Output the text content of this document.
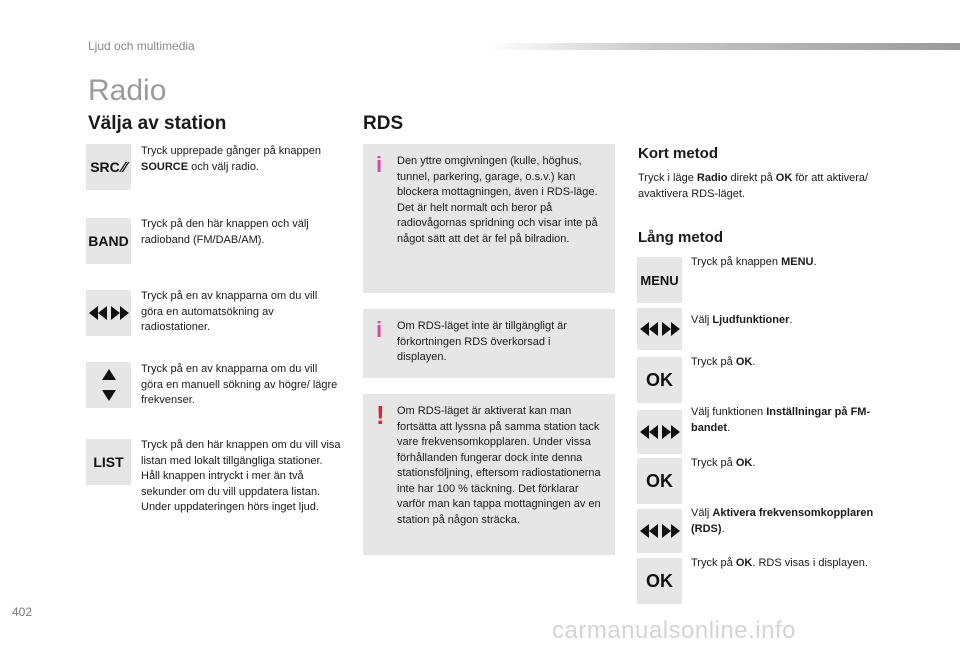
Ljud och multimedia
Radio
Välja av station
SRC ⁄⁄
Tryck upprepade gånger på knappen SOURCE och välj radio.
BAND
Tryck på den här knappen och välj radioband (FM/DAB/AM).
Tryck på en av knapparna om du vill göra en automatsökning av radiostationer.
Tryck på en av knapparna om du vill göra en manuell sökning av högre/ lägre frekvenser.
LIST
Tryck på den här knappen om du vill visa listan med lokalt tillgängliga stationer.
Håll knappen intryckt i mer än två sekunder om du vill uppdatera listan. Under uppdateringen hörs inget ljud.
RDS
i Den yttre omgivningen (kulle, höghus, tunnel, parkering, garage, o.s.v.) kan blockera mottagningen, även i RDS-läge. Det är helt normalt och beror på radiovågornas spridning och visar inte på något sätt att det är fel på bilradion.
i Om RDS-läget inte är tillgängligt är förkortningen RDS överkorsad i displayen.
! Om RDS-läget är aktiverat kan man fortsätta att lyssna på samma station tack vare frekvensomkopplaren. Under vissa förhållanden fungerar dock inte denna stationsföljning, eftersom radiostationerna inte har 100 % täckning. Det förklarar varför man kan tappa mottagningen av en station på någon sträcka.
Kort metod
Tryck i läge Radio direkt på OK för att aktivera/ avaktivera RDS-läget.
Lång metod
MENU
Tryck på knappen MENU.
Välj Ljudfunktioner.
OK
Tryck på OK.
Välj funktionen Inställningar på FM-bandet.
OK
Tryck på OK.
Välj Aktivera frekvensomkopplaren (RDS).
OK
Tryck på OK. RDS visas i displayen.
402
carmanualsonline.info
